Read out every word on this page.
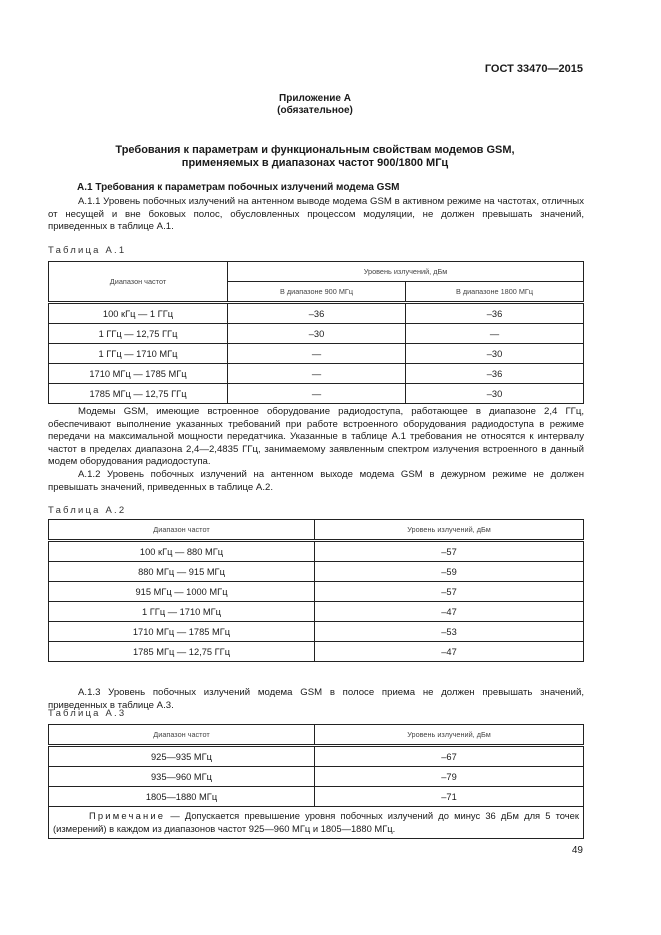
ГОСТ 33470—2015
Приложение А
(обязательное)
Требования к параметрам и функциональным свойствам модемов GSM,
применяемых в диапазонах частот 900/1800 МГц
А.1 Требования к параметрам побочных излучений модема GSM

А.1.1 Уровень побочных излучений на антенном выводе модема GSM в активном режиме на частотах, отличных от несущей и вне боковых полос, обусловленных процессом модуляции, не должен превышать значений, приведенных в таблице А.1.

Таблица А.1
Диапазон частот	Уровень излучений, дБм	
	В диапазоне 900 МГц	В диапазоне 1800 МГц
100 кГц — 1 ГГц	–36	–36
1 ГГц — 12,75 ГГц	–30	—
1 ГГц — 1710 МГц	—	–30
1710 МГц — 1785 МГц	—	–36
1785 МГц — 12,75 ГГц	—	–30

Модемы GSM, имеющие встроенное оборудование радиодоступа, работающее в диапазоне 2,4 ГГц, обеспечивают выполнение указанных требований при работе встроенного оборудования радиодоступа в режиме передачи на максимальной мощности передатчика. Указанные в таблице А.1 требования не относятся к интервалу частот в пределах диапазона 2,4—2,4835 ГГц, занимаемому заявленным спектром излучения встроенного в данный модем оборудования радиодоступа.

А.1.2 Уровень побочных излучений на антенном выходе модема GSM в дежурном режиме не должен превышать значений, приведенных в таблице А.2.

Таблица А.2
Диапазон частот	Уровень излучений, дБм
100 кГц — 880 МГц	–57
880 МГц — 915 МГц	–59
915 МГц — 1000 МГц	–57
1 ГГц — 1710 МГц	–47
1710 МГц — 1785 МГц	–53
1785 МГц — 12,75 ГГц	–47

А.1.3 Уровень побочных излучений модема GSM в полосе приема не должен превышать значений, приведенных в таблице А.3.

Таблица А.3
Диапазон частот	Уровень излучений, дБм
925—935 МГц	–67
935—960 МГц	–79
1805—1880 МГц	–71
Примечание — Допускается превышение уровня побочных излучений до минус 36 дБм для 5 точек (измерений) в каждом из диапазонов частот 925—960 МГц и 1805—1880 МГц.	
49
